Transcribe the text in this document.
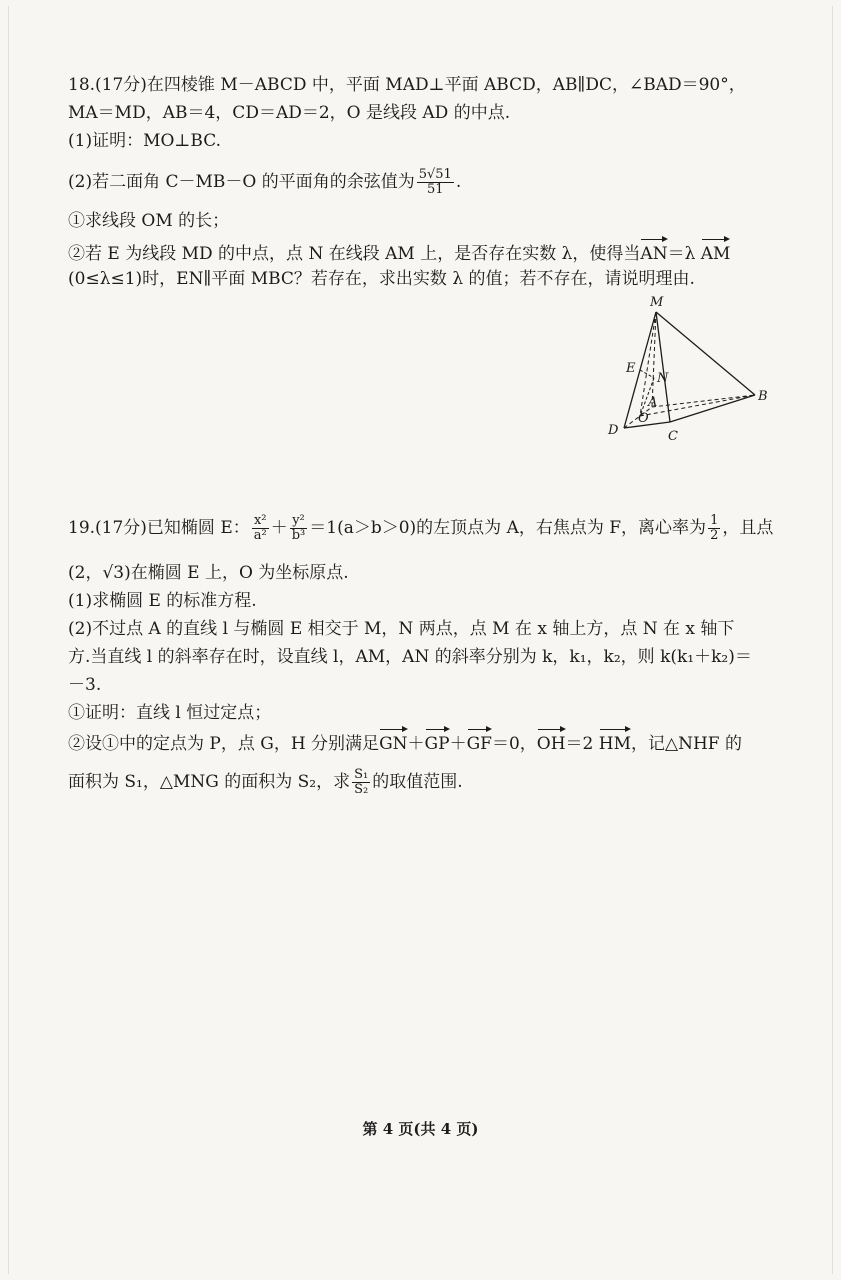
18.(17分)在四棱锥 M－ABCD 中，平面 MAD⊥平面 ABCD，AB∥DC，∠BAD＝90°，
MA＝MD，AB＝4，CD＝AD＝2，O 是线段 AD 的中点.
(1)证明：MO⊥BC.
(2)若二面角 C－MB－O 的平面角的余弦值为 $\frac{5√51}{51}$ .
①求线段 OM 的长；
②若 E 为线段 MD 的中点，点 N 在线段 AM 上，是否存在实数 λ，使得当AN＝λ AM
(0≤λ≤1)时，EN∥平面 MBC？若存在，求出实数 λ 的值；若不存在，请说明理由.
M
E
N
A
O
B
C
D
19.(17分)已知椭圆 E： $\frac{\text{x²}}{\text{a²}} + \frac{\text{y²}}{\text{b³}} =1(a>b>0)$的左顶点为 A，右焦点为 F，离心率为 $\frac{1}{2}$ ，且点
(2，√3)在椭圆 E 上，O 为坐标原点.
(1)求椭圆 E 的标准方程.
(2)不过点 A 的直线 l 与椭圆 E 相交于 M，N 两点，点 M 在 x 轴上方，点 N 在 x 轴下
方.当直线 l 的斜率存在时，设直线 l，AM，AN 的斜率分别为 k，k₁，k₂，则 k(k₁＋k₂)＝
－3.
①证明：直线 l 恒过定点；
②设①中的定点为 P，点 G，H 分别满足GN＋GP＋GF＝0，OH＝2 HM，记△NHF 的
面积为 S₁，△MNG 的面积为 S₂，求 $\frac{\text{S₁}}{\text{S₂}}$ 的取值范围.
第 4 页(共 4 页)
